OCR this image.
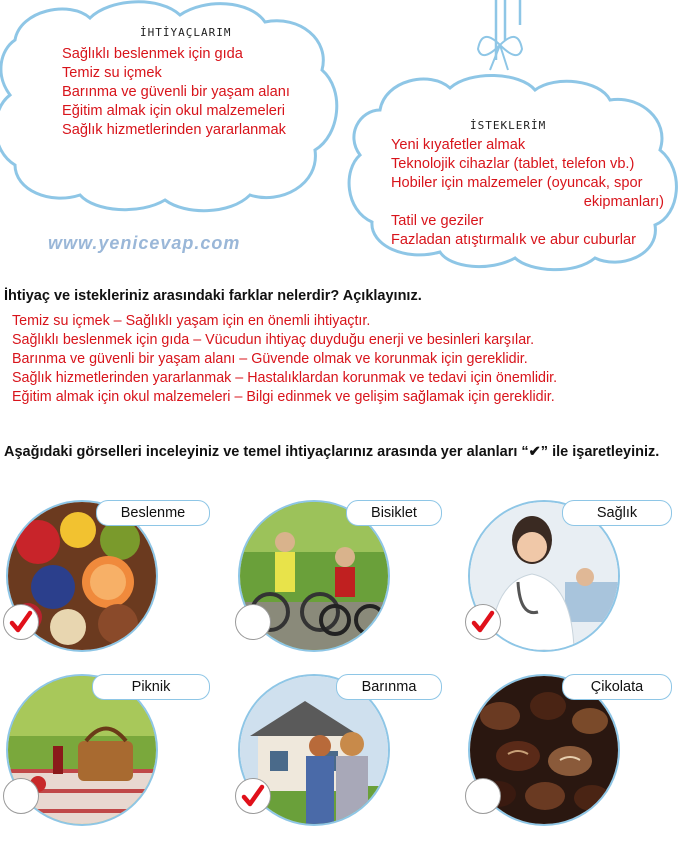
İHTİYAÇLARIM
Sağlıklı beslenmek için gıda
Temiz su içmek
Barınma ve güvenli bir yaşam alanı
Eğitim almak için okul malzemeleri
Sağlık hizmetlerinden yararlanmak	İSTEKLERİM
Yeni kıyafetler almak
Teknolojik cihazlar (tablet, telefon vb.)
Hobiler için malzemeler (oyuncak, spor
ekipmanları)
Tatil ve geziler
Fazladan atıştırmalık ve abur cuburlar
www.yenicevap.com
İhtiyaç ve istekleriniz arasındaki farklar nelerdir? Açıklayınız.
Temiz su içmek – Sağlıklı yaşam için en önemli ihtiyaçtır.
Sağlıklı beslenmek için gıda – Vücudun ihtiyaç duyduğu enerji ve besinleri karşılar.
Barınma ve güvenli bir yaşam alanı – Güvende olmak ve korunmak için gereklidir.
Sağlık hizmetlerinden yararlanmak – Hastalıklardan korunmak ve tedavi için önemlidir.
Eğitim almak için okul malzemeleri – Bilgi edinmek ve gelişim sağlamak için gereklidir.
Aşağıdaki görselleri inceleyiniz ve temel ihtiyaçlarınız arasında yer alanları “✔” ile işaretleyiniz.
Beslenme	Bisiklet	Sağlık
Piknik	Barınma	Çikolata
